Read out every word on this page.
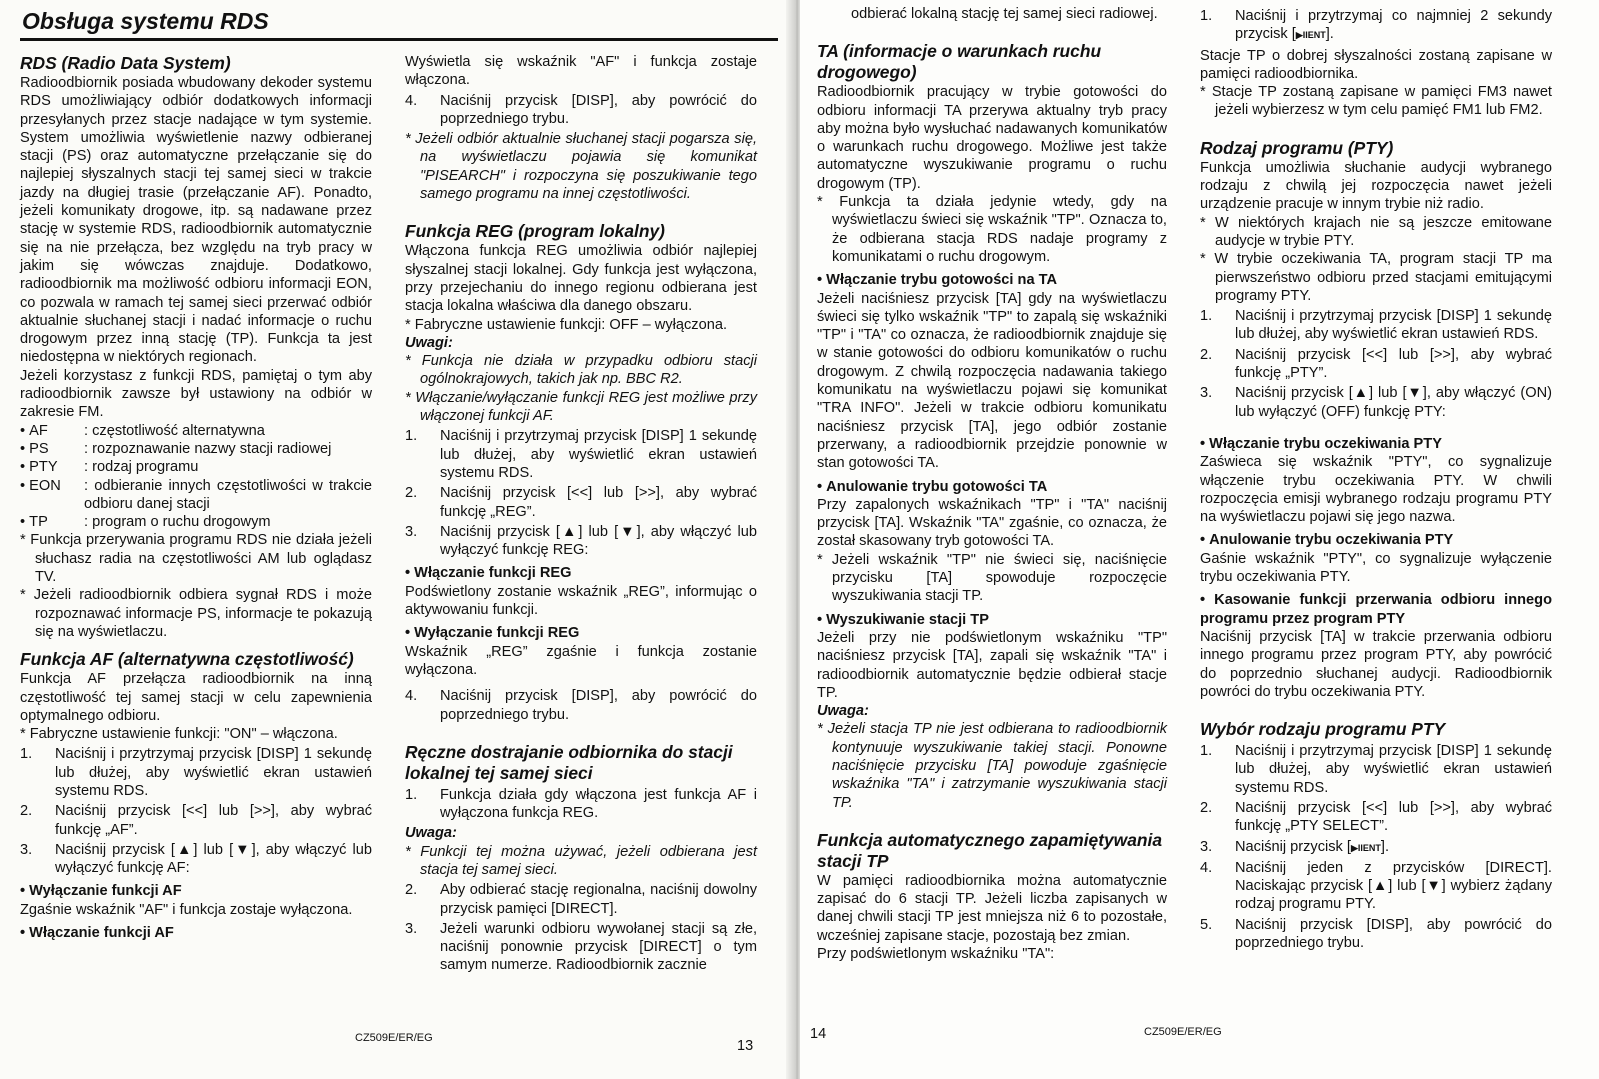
Obsługa systemu RDS
RDS (Radio Data System)

Radioodbiornik posiada wbudowany dekoder systemu RDS umożliwiający odbiór dodatkowych informacji przesyłanych przez stacje nadające w tym systemie. System umożliwia wyświetlenie nazwy odbieranej stacji (PS) oraz automatyczne przełączanie się do najlepiej słyszalnych stacji tej samej sieci w trakcie jazdy na długiej trasie (przełączanie AF). Ponadto, jeżeli komunikaty drogowe, itp. są nadawane przez stację w systemie RDS, radioodbiornik automatycznie się na nie przełącza, bez względu na tryb pracy w jakim się wówczas znajduje. Dodatkowo, radioodbiornik ma możliwość odbioru informacji EON, co pozwala w ramach tej samej sieci przerwać odbiór aktualnie słuchanej stacji i nadać informacje o ruchu drogowym przez inną stację (TP). Funkcja ta jest niedostępna w niektórych regionach.

Jeżeli korzystasz z funkcji RDS, pamiętaj o tym aby radioodbiornik zawsze był ustawiony na odbiór w zakresie FM.

• AF	: częstotliwość alternatywna
• PS	: rozpoznawanie nazwy stacji radiowej
• PTY	: rodzaj programu
• EON	: odbieranie innych częstotliwości w trakcie odbioru danej stacji
• TP	: program o ruchu drogowym

* Funkcja przerywania programu RDS nie działa jeżeli słuchasz radia na częstotliwości AM lub oglądasz TV.

* Jeżeli radioodbiornik odbiera sygnał RDS i może rozpoznawać informacje PS, informacje te pokazują się na wyświetlaczu.

Funkcja AF (alternatywna częstotliwość)

Funkcja AF przełącza radioodbiornik na inną częstotliwość tej samej stacji w celu zapewnienia optymalnego odbioru.

* Fabryczne ustawienie funkcji: "ON" – włączona.

1. Naciśnij i przytrzymaj przycisk [DISP] 1 sekundę lub dłużej, aby wyświetlić ekran ustawień systemu RDS.

2. Naciśnij przycisk [<<] lub [>>], aby wybrać funkcję „AF”.

3. Naciśnij przycisk [▲] lub [▼], aby włączyć lub wyłączyć funkcję AF:

• Wyłączanie funkcji AF

Zgaśnie wskaźnik "AF" i funkcja zostaje wyłączona.

• Włączanie funkcji AF

Wyświetla się wskaźnik "AF" i funkcja zostaje włączona.

4. Naciśnij przycisk [DISP], aby powrócić do poprzedniego trybu.

* Jeżeli odbiór aktualnie słuchanej stacji pogarsza się, na wyświetlaczu pojawia się komunikat "PISEARCH" i rozpoczyna się poszukiwanie tego samego programu na innej częstotliwości.

Funkcja REG (program lokalny)

Włączona funkcja REG umożliwia odbiór najlepiej słyszalnej stacji lokalnej. Gdy funkcja jest wyłączona, przy przejechaniu do innego regionu odbierana jest stacja lokalna właściwa dla danego obszaru.

* Fabryczne ustawienie funkcji: OFF – wyłączona.

Uwagi:

* Funkcja nie działa w przypadku odbioru stacji ogólnokrajowych, takich jak np. BBC R2.

* Włączanie/wyłączanie funkcji REG jest możliwe przy włączonej funkcji AF.

1. Naciśnij i przytrzymaj przycisk [DISP] 1 sekundę lub dłużej, aby wyświetlić ekran ustawień systemu RDS.

2. Naciśnij przycisk [<<] lub [>>], aby wybrać funkcję „REG”.

3. Naciśnij przycisk [▲] lub [▼], aby włączyć lub wyłączyć funkcję REG:

• Włączanie funkcji REG

Podświetlony zostanie wskaźnik „REG”, informując o aktywowaniu funkcji.

• Wyłączanie funkcji REG

Wskaźnik „REG” zgaśnie i funkcja zostanie wyłączona.

4. Naciśnij przycisk [DISP], aby powrócić do poprzedniego trybu.

Ręczne dostrajanie odbiornika do stacji lokalnej tej samej sieci
1. Funkcja działa gdy włączona jest funkcja AF i wyłączona funkcja REG.

Uwaga:

* Funkcji tej można używać, jeżeli odbierana jest stacja tej samej sieci.

2. Aby odbierać stację regionalna, naciśnij dowolny przycisk pamięci [DIRECT].

3. Jeżeli warunki odbioru wywołanej stacji są złe, naciśnij ponownie przycisk [DIRECT] o tym samym numerze. Radioodbiornik zacznie

CZ509E/ER/EG	13

odbierać lokalną stację tej samej sieci radiowej.

TA (informacje o warunkach ruchu drogowego)

Radioodbiornik pracujący w trybie gotowości do odbioru informacji TA przerywa aktualny tryb pracy aby można było wysłuchać nadawanych komunikatów o warunkach ruchu drogowego. Możliwe jest także automatyczne wyszukiwanie programu o ruchu drogowym (TP).

* Funkcja ta działa jedynie wtedy, gdy na wyświetlaczu świeci się wskaźnik "TP". Oznacza to, że odbierana stacja RDS nadaje programy z komunikatami o ruchu drogowym.

• Włączanie trybu gotowości na TA

Jeżeli naciśniesz przycisk [TA] gdy na wyświetlaczu świeci się tylko wskaźnik "TP" to zapalą się wskaźniki "TP" i "TA" co oznacza, że radioodbiornik znajduje się w stanie gotowości do odbioru komunikatów o ruchu drogowym. Z chwilą rozpoczęcia nadawania takiego komunikatu na wyświetlaczu pojawi się komunikat "TRA INFO". Jeżeli w trakcie odbioru komunikatu naciśniesz przycisk [TA], jego odbiór zostanie przerwany, a radioodbiornik przejdzie ponownie w stan gotowości TA.

• Anulowanie trybu gotowości TA

Przy zapalonych wskaźnikach "TP" i "TA" naciśnij przycisk [TA]. Wskaźnik "TA" zgaśnie, co oznacza, że został skasowany tryb gotowości TA.

* Jeżeli wskaźnik "TP" nie świeci się, naciśnięcie przycisku [TA] spowoduje rozpoczęcie wyszukiwania stacji TP.

• Wyszukiwanie stacji TP

Jeżeli przy nie podświetlonym wskaźniku "TP" naciśniesz przycisk [TA], zapali się wskaźnik "TA" i radioodbiornik automatycznie będzie odbierał stacje TP.

Uwaga:

* Jeżeli stacja TP nie jest odbierana to radioodbiornik kontynuuje wyszukiwanie takiej stacji. Ponowne naciśnięcie przycisku [TA] powoduje zgaśnięcie wskaźnika "TA" i zatrzymanie wyszukiwania stacji TP.

Funkcja automatycznego zapamiętywania stacji TP

W pamięci radioodbiornika można automatycznie zapisać do 6 stacji TP. Jeżeli liczba zapisanych w danej chwili stacji TP jest mniejsza niż 6 to pozostałe, wcześniej zapisane stacje, pozostają bez zmian.

Przy podświetlonym wskaźniku "TA":

1. Naciśnij i przytrzymaj co najmniej 2 sekundy przycisk [▶IIENT].

Stacje TP o dobrej słyszalności zostaną zapisane w pamięci radioodbiornika.

* Stacje TP zostaną zapisane w pamięci FM3 nawet jeżeli wybierzesz w tym celu pamięć FM1 lub FM2.

Rodzaj programu (PTY)

Funkcja umożliwia słuchanie audycji wybranego rodzaju z chwilą jej rozpoczęcia nawet jeżeli urządzenie pracuje w innym trybie niż radio.

* W niektórych krajach nie są jeszcze emitowane audycje w trybie PTY.

* W trybie oczekiwania TA, program stacji TP ma pierwszeństwo odbioru przed stacjami emitującymi programy PTY.

1. Naciśnij i przytrzymaj przycisk [DISP] 1 sekundę lub dłużej, aby wyświetlić ekran ustawień RDS.

2. Naciśnij przycisk [<<] lub [>>], aby wybrać funkcję „PTY”.

3. Naciśnij przycisk [▲] lub [▼], aby włączyć (ON) lub wyłączyć (OFF) funkcję PTY:

• Włączanie trybu oczekiwania PTY

Zaświeca się wskaźnik "PTY", co sygnalizuje włączenie trybu oczekiwania PTY. W chwili rozpoczęcia emisji wybranego rodzaju programu PTY na wyświetlaczu pojawi się jego nazwa.

• Anulowanie trybu oczekiwania PTY

Gaśnie wskaźnik "PTY", co sygnalizuje wyłączenie trybu oczekiwania PTY.

• Kasowanie funkcji przerwania odbioru innego programu przez program PTY

Naciśnij przycisk [TA] w trakcie przerwania odbioru innego programu przez program PTY, aby powrócić do poprzednio słuchanej audycji. Radioodbiornik powróci do trybu oczekiwania PTY.

Wybór rodzaju programu PTY
1. Naciśnij i przytrzymaj przycisk [DISP] 1 sekundę lub dłużej, aby wyświetlić ekran ustawień systemu RDS.

2. Naciśnij przycisk [<<] lub [>>], aby wybrać funkcję „PTY SELECT”.

3. Naciśnij przycisk [▶IIENT].

4. Naciśnij jeden z przycisków [DIRECT]. Naciskając przycisk [▲] lub [▼] wybierz żądany rodzaj programu PTY.

5. Naciśnij przycisk [DISP], aby powrócić do poprzedniego trybu.

14	CZ509E/ER/EG
